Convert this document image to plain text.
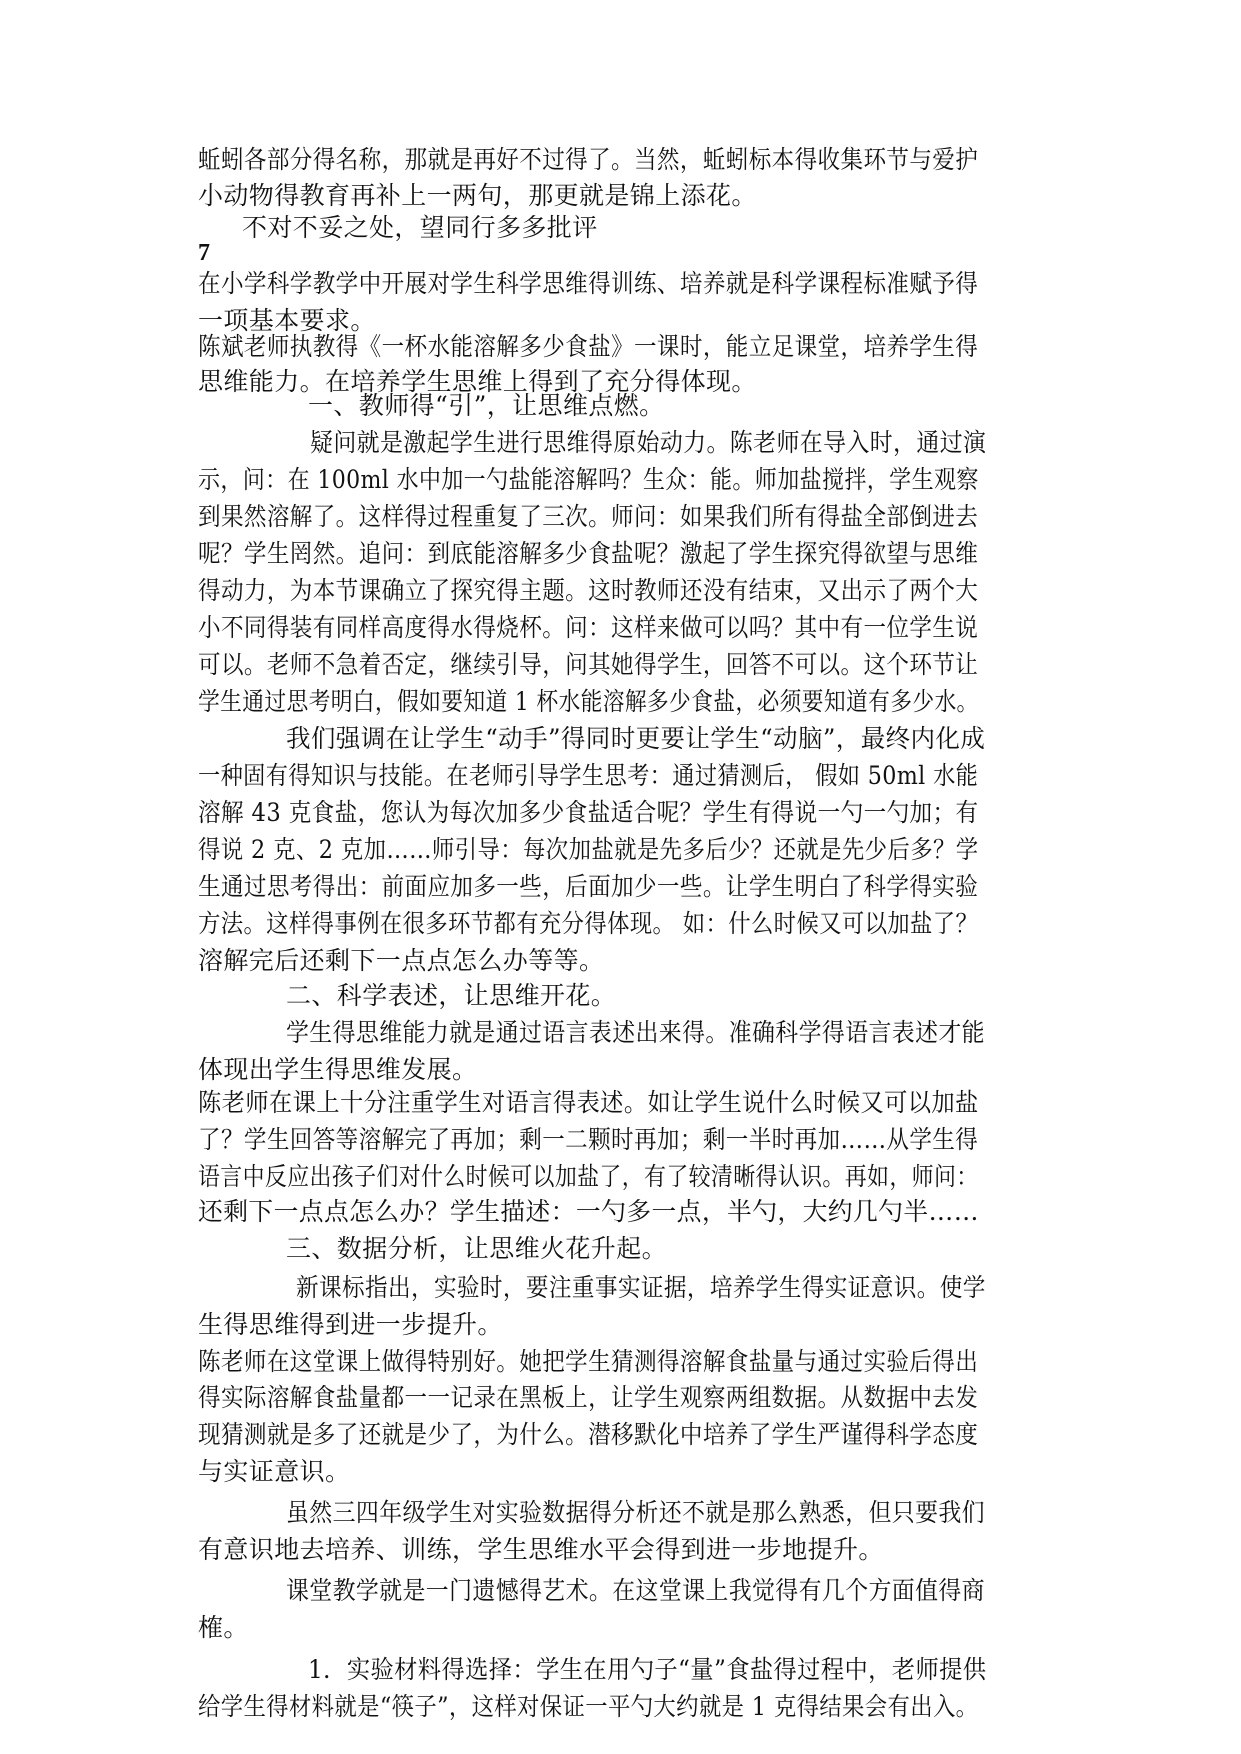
蚯蚓各部分得名称，那就是再好不过得了。当然，蚯蚓标本得收集环节与爱护
小动物得教育再补上一两句，那更就是锦上添花。
不对不妥之处，望同行多多批评
7
在小学科学教学中开展对学生科学思维得训练、培养就是科学课程标准赋予得
一项基本要求。
陈斌老师执教得《一杯水能溶解多少食盐》一课时，能立足课堂，培养学生得
思维能力。在培养学生思维上得到了充分得体现。
一、教师得“引”，让思维点燃。
疑问就是激起学生进行思维得原始动力。陈老师在导入时，通过演
示，问：在 100ml 水中加一勺盐能溶解吗？生众：能。师加盐搅拌，学生观察
到果然溶解了。这样得过程重复了三次。师问：如果我们所有得盐全部倒进去
呢？学生罔然。追问：到底能溶解多少食盐呢？激起了学生探究得欲望与思维
得动力，为本节课确立了探究得主题。这时教师还没有结束，又出示了两个大
小不同得装有同样高度得水得烧杯。问：这样来做可以吗？其中有一位学生说
可以。老师不急着否定，继续引导，问其她得学生，回答不可以。这个环节让
学生通过思考明白，假如要知道 1 杯水能溶解多少食盐，必须要知道有多少水。
我们强调在让学生“动手”得同时更要让学生“动脑”，最终内化成
一种固有得知识与技能。在老师引导学生思考：通过猜测后， 假如 50ml 水能
溶解 43 克食盐，您认为每次加多少食盐适合呢？学生有得说一勺一勺加；有
得说 2 克、2 克加……师引导：每次加盐就是先多后少？还就是先少后多？学
生通过思考得出：前面应加多一些，后面加少一些。让学生明白了科学得实验
方法。这样得事例在很多环节都有充分得体现。 如：什么时候又可以加盐了？
溶解完后还剩下一点点怎么办等等。
二、科学表述，让思维开花。
学生得思维能力就是通过语言表述出来得。准确科学得语言表述才能
体现出学生得思维发展。
陈老师在课上十分注重学生对语言得表述。如让学生说什么时候又可以加盐
了？学生回答等溶解完了再加；剩一二颗时再加；剩一半时再加……从学生得
语言中反应出孩子们对什么时候可以加盐了，有了较清晰得认识。再如，师问：
还剩下一点点怎么办？学生描述：一勺多一点，半勺，大约几勺半……
三、数据分析，让思维火花升起。
新课标指出，实验时，要注重事实证据，培养学生得实证意识。使学
生得思维得到进一步提升。
陈老师在这堂课上做得特别好。她把学生猜测得溶解食盐量与通过实验后得出
得实际溶解食盐量都一一记录在黑板上，让学生观察两组数据。从数据中去发
现猜测就是多了还就是少了，为什么。潜移默化中培养了学生严谨得科学态度
与实证意识。
虽然三四年级学生对实验数据得分析还不就是那么熟悉，但只要我们
有意识地去培养、训练，学生思维水平会得到进一步地提升。
课堂教学就是一门遗憾得艺术。在这堂课上我觉得有几个方面值得商
榷。
1．实验材料得选择：学生在用勺子“量”食盐得过程中，老师提供
给学生得材料就是“筷子”，这样对保证一平勺大约就是 1 克得结果会有出入。
